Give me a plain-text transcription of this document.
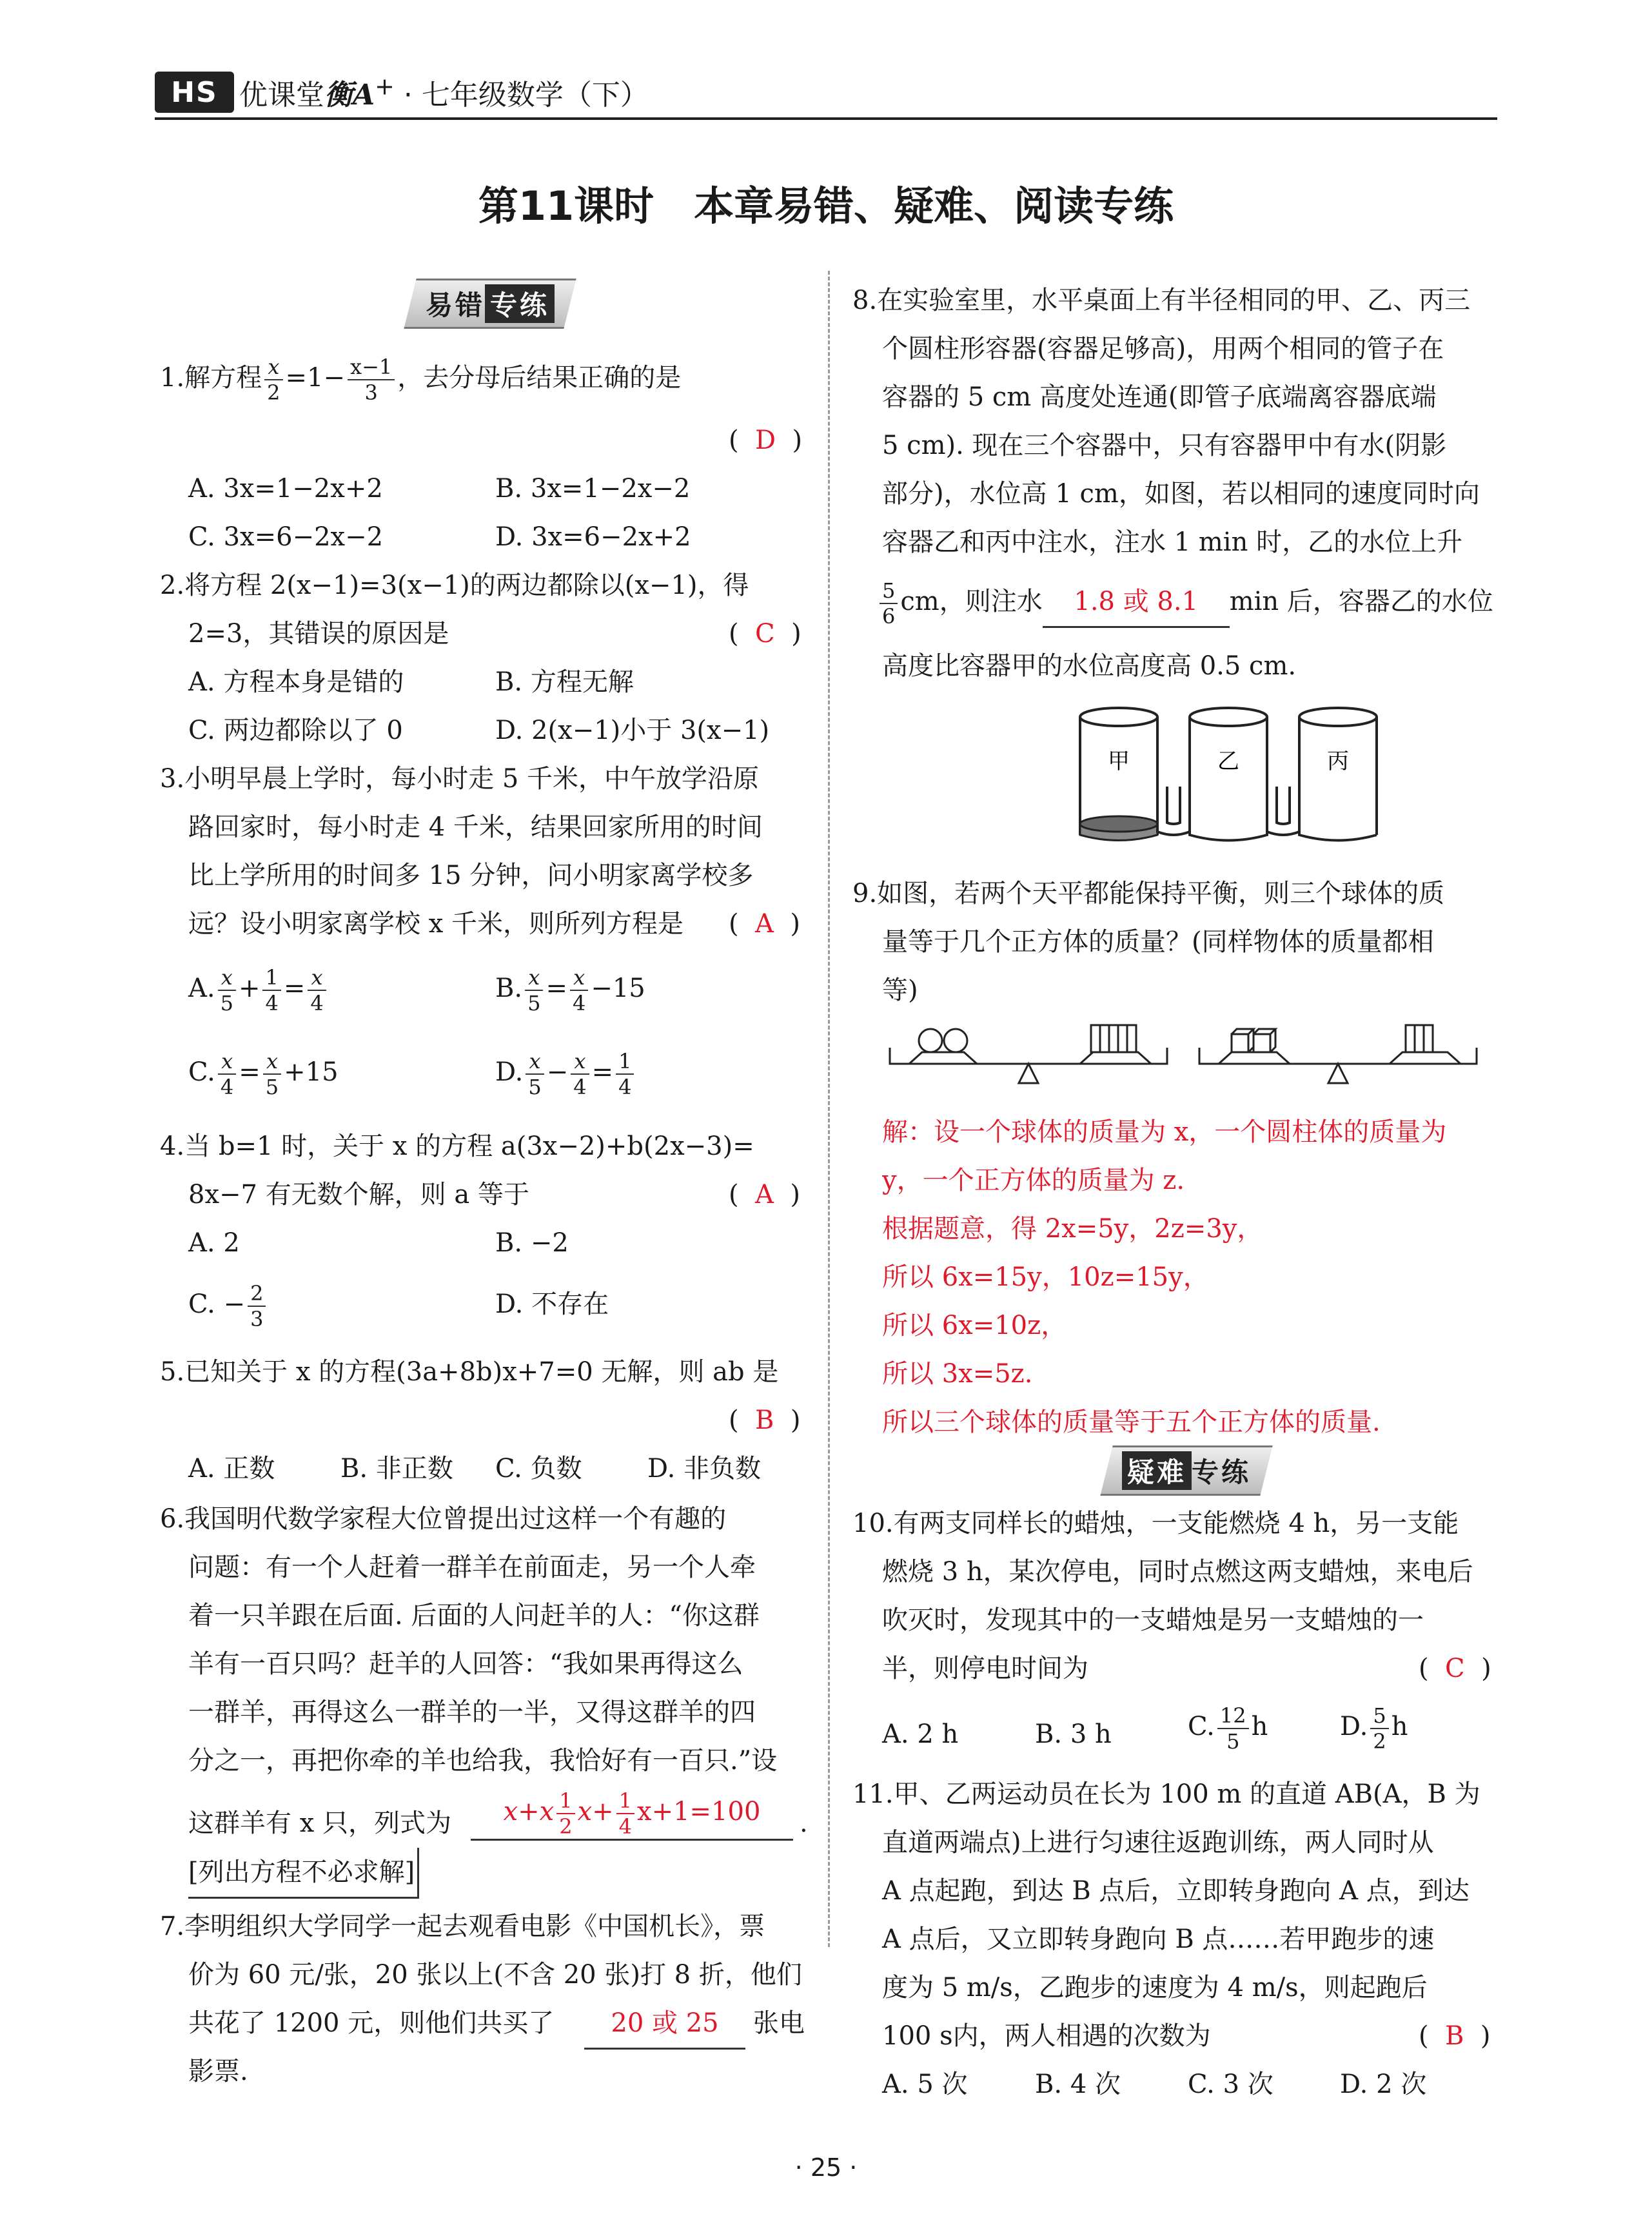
HS 优课堂衡A+ · 七年级数学（下）
第11课时　本章易错、疑难、阅读专练
易错 专练
1.解方程 $\frac{x}{2} =1- \frac{x-1}{3}$ ，去分母后结果正确的是
(  D  )
A. 3x=1−2x+2	B. 3x=1−2x−2
C. 3x=6−2x−2	D. 3x=6−2x+2
2.将方程 2(x−1)=3(x−1)的两边都除以(x−1)，得
2=3，其错误的原因是	(  C  )
A. 方程本身是错的	B. 方程无解
C. 两边都除以了 0	D. 2(x−1)小于 3(x−1)
3.小明早晨上学时，每小时走 5 千米，中午放学沿原
路回家时，每小时走 4 千米，结果回家所用的时间
比上学所用的时间多 15 分钟，问小明家离学校多
远？设小明家离学校 x 千米，则所列方程是 (  A  )
A. $\frac{x}{5} + \frac{1}{4} = \frac{x}{4}$	B. $\frac{x}{5} = \frac{x}{4} -15$
C. $\frac{x}{4} = \frac{x}{5} +15$	D. $\frac{x}{5} - \frac{x}{4} = \frac{1}{4}$
4.当 b=1 时，关于 x 的方程 a(3x−2)+b(2x−3)=
8x−7 有无数个解，则 a 等于	(  A  )
A. 2	B. −2
C. − $\frac{2}{3}$	D. 不存在
5.已知关于 x 的方程(3a+8b)x+7=0 无解，则 ab 是
(  B  )
A. 正数	B. 非正数 C. 负数	D. 非负数
6.我国明代数学家程大位曾提出过这样一个有趣的
问题：有一个人赶着一群羊在前面走，另一个人牵
着一只羊跟在后面. 后面的人问赶羊的人：“你这群
羊有一百只吗？赶羊的人回答：“我如果再得这么
一群羊，再得这么一群羊的一半，又得这群羊的四
分之一，再把你牵的羊也给我，我恰好有一百只.”设
这群羊有 x 只，列式为	$x+x \frac{1}{2} x+ \frac{1}{4} x+1=100$	.
[列出方程不必求解]
7.李明组织大学同学一起去观看电影《中国机长》，票
价为 60 元/张，20 张以上(不含 20 张)打 8 折，他们
共花了 1200 元，则他们共买了	20 或 25	张电
影票.
8.在实验室里，水平桌面上有半径相同的甲、乙、丙三
个圆柱形容器(容器足够高)，用两个相同的管子在
容器的 5 cm 高度处连通(即管子底端离容器底端
5 cm). 现在三个容器中，只有容器甲中有水(阴影
部分)，水位高 1 cm，如图，若以相同的速度同时向
容器乙和丙中注水，注水 1 min 时，乙的水位上升
$\frac{5}{6}$ cm，则注水 1.8 或 8.1 min 后，容器乙的水位
高度比容器甲的水位高度高 0.5 cm.
甲	乙	丙
9.如图，若两个天平都能保持平衡，则三个球体的质
量等于几个正方体的质量？(同样物体的质量都相
等)
解：设一个球体的质量为 x，一个圆柱体的质量为
y，一个正方体的质量为 z.
根据题意，得 2x=5y，2z=3y，
所以 6x=15y，10z=15y，
所以 6x=10z，
所以 3x=5z.
所以三个球体的质量等于五个正方体的质量.
疑难 专练
10.有两支同样长的蜡烛，一支能燃烧 4 h，另一支能
燃烧 3 h，某次停电，同时点燃这两支蜡烛，来电后
吹灭时，发现其中的一支蜡烛是另一支蜡烛的一
半，则停电时间为	(  C  )
A. 2 h	B. 3 h	C. $\frac{12}{5}$ h	D. $\frac{5}{2}$ h
11.甲、乙两运动员在长为 100 m 的直道 AB(A，B 为
直道两端点)上进行匀速往返跑训练，两人同时从
A 点起跑，到达 B 点后，立即转身跑向 A 点，到达
A 点后，又立即转身跑向 B 点……若甲跑步的速
度为 5 m/s，乙跑步的速度为 4 m/s，则起跑后
100 s内，两人相遇的次数为	(  B  )
A. 5 次	B. 4 次	C. 3 次	D. 2 次
· 25 ·
